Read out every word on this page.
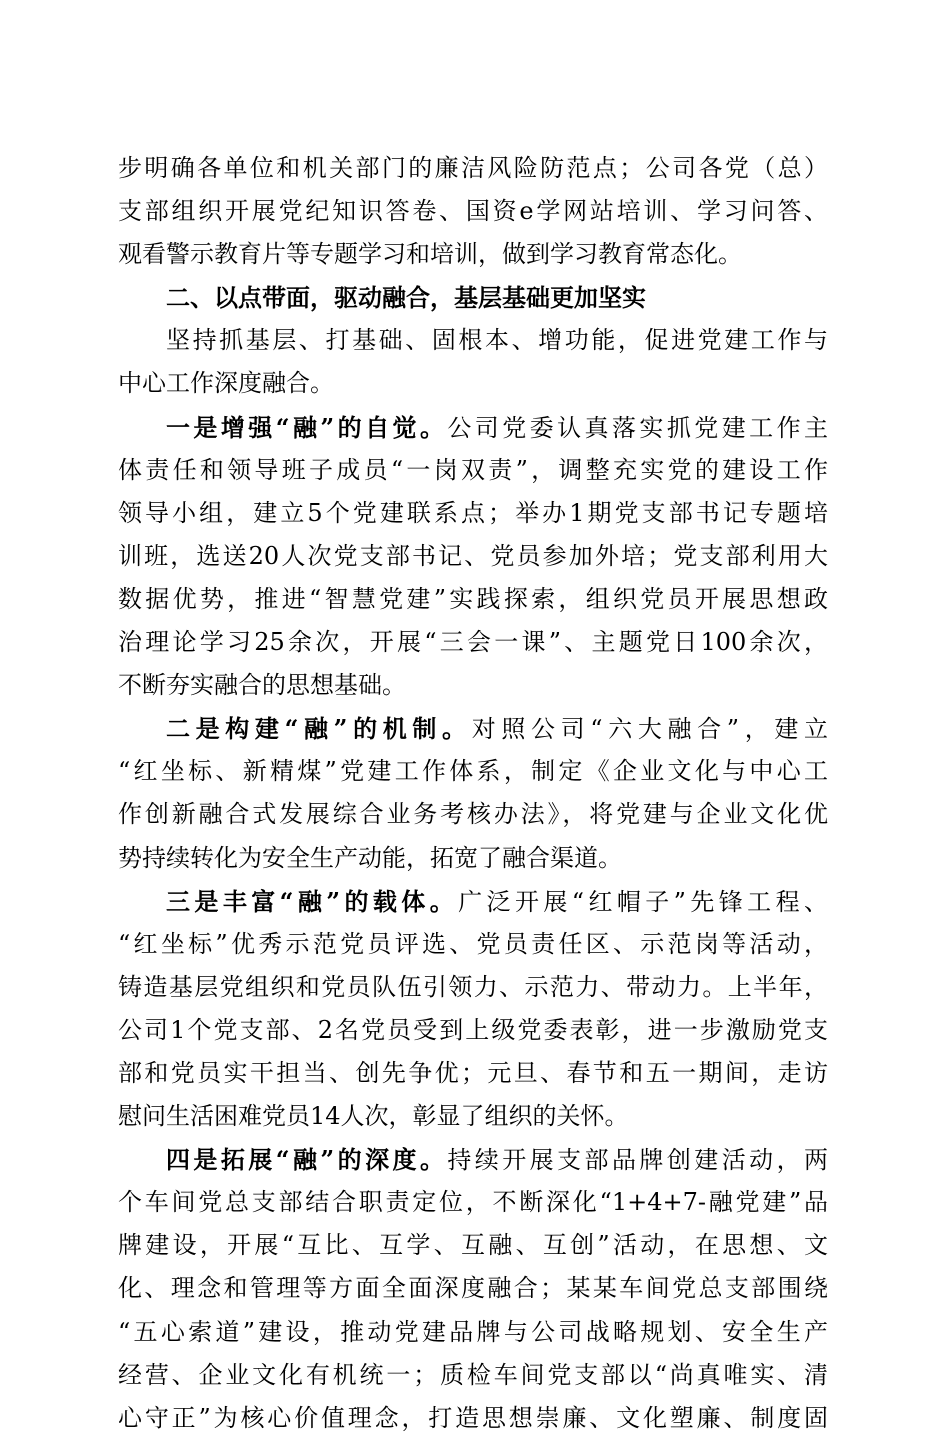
步明确各单位和机关部门的廉洁风险防范点；公司各党（总）
支部组织开展党纪知识答卷、国资e学网站培训、学习问答、
观看警示教育片等专题学习和培训，做到学习教育常态化。
二、以点带面，驱动融合，基层基础更加坚实
坚持抓基层、打基础、固根本、增功能，促进党建工作与
中心工作深度融合。
一是增强“融”的自觉。公司党委认真落实抓党建工作主
体责任和领导班子成员“一岗双责”，调整充实党的建设工作
领导小组，建立5个党建联系点；举办1期党支部书记专题培
训班，选送20人次党支部书记、党员参加外培；党支部利用大
数据优势，推进“智慧党建”实践探索，组织党员开展思想政
治理论学习25余次，开展“三会一课”、主题党日100余次，
不断夯实融合的思想基础。
二是构建“融”的机制。对照公司“六大融合”，建立
“红坐标、新精煤”党建工作体系，制定《企业文化与中心工
作创新融合式发展综合业务考核办法》，将党建与企业文化优
势持续转化为安全生产动能，拓宽了融合渠道。
三是丰富“融”的载体。广泛开展“红帽子”先锋工程、
“红坐标”优秀示范党员评选、党员责任区、示范岗等活动，
铸造基层党组织和党员队伍引领力、示范力、带动力。上半年，
公司1个党支部、2名党员受到上级党委表彰，进一步激励党支
部和党员实干担当、创先争优；元旦、春节和五一期间，走访
慰问生活困难党员14人次，彰显了组织的关怀。
四是拓展“融”的深度。持续开展支部品牌创建活动，两
个车间党总支部结合职责定位，不断深化“1+4+7-融党建”品
牌建设，开展“互比、互学、互融、互创”活动，在思想、文
化、理念和管理等方面全面深度融合；某某车间党总支部围绕
“五心索道”建设，推动党建品牌与公司战略规划、安全生产
经营、企业文化有机统一；质检车间党支部以“尚真唯实、清
心守正”为核心价值理念，打造思想崇廉、文化塑廉、制度固
